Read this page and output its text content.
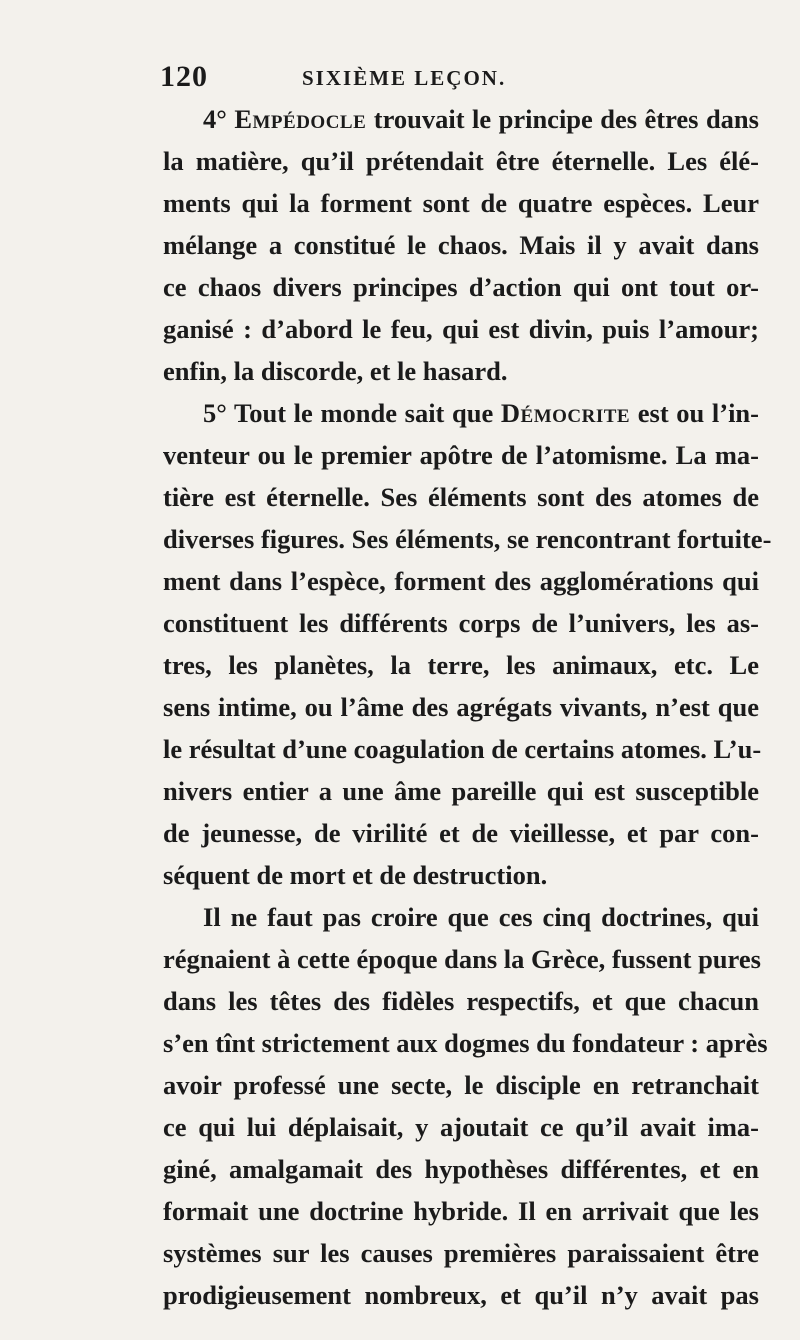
120	SIXIÈME LEÇON.
4° Empédocle trouvait le principe des êtres dans
la matière, qu’il prétendait être éternelle. Les élé-
ments qui la forment sont de quatre espèces. Leur
mélange a constitué le chaos. Mais il y avait dans
ce chaos divers principes d’action qui ont tout or-
ganisé : d’abord le feu, qui est divin, puis l’amour;
enfin, la discorde, et le hasard.
5° Tout le monde sait que Démocrite est ou l’in-
venteur ou le premier apôtre de l’atomisme. La ma-
tière est éternelle. Ses éléments sont des atomes de
diverses figures. Ses éléments, se rencontrant fortuite-
ment dans l’espèce, forment des agglomérations qui
constituent les différents corps de l’univers, les as-
tres, les planètes, la terre, les animaux, etc. Le
sens intime, ou l’âme des agrégats vivants, n’est que
le résultat d’une coagulation de certains atomes. L’u-
nivers entier a une âme pareille qui est susceptible
de jeunesse, de virilité et de vieillesse, et par con-
séquent de mort et de destruction.
Il ne faut pas croire que ces cinq doctrines, qui
régnaient à cette époque dans la Grèce, fussent pures
dans les têtes des fidèles respectifs, et que chacun
s’en tînt strictement aux dogmes du fondateur : après
avoir professé une secte, le disciple en retranchait
ce qui lui déplaisait, y ajoutait ce qu’il avait ima-
giné, amalgamait des hypothèses différentes, et en
formait une doctrine hybride. Il en arrivait que les
systèmes sur les causes premières paraissaient être
prodigieusement nombreux, et qu’il n’y avait pas
